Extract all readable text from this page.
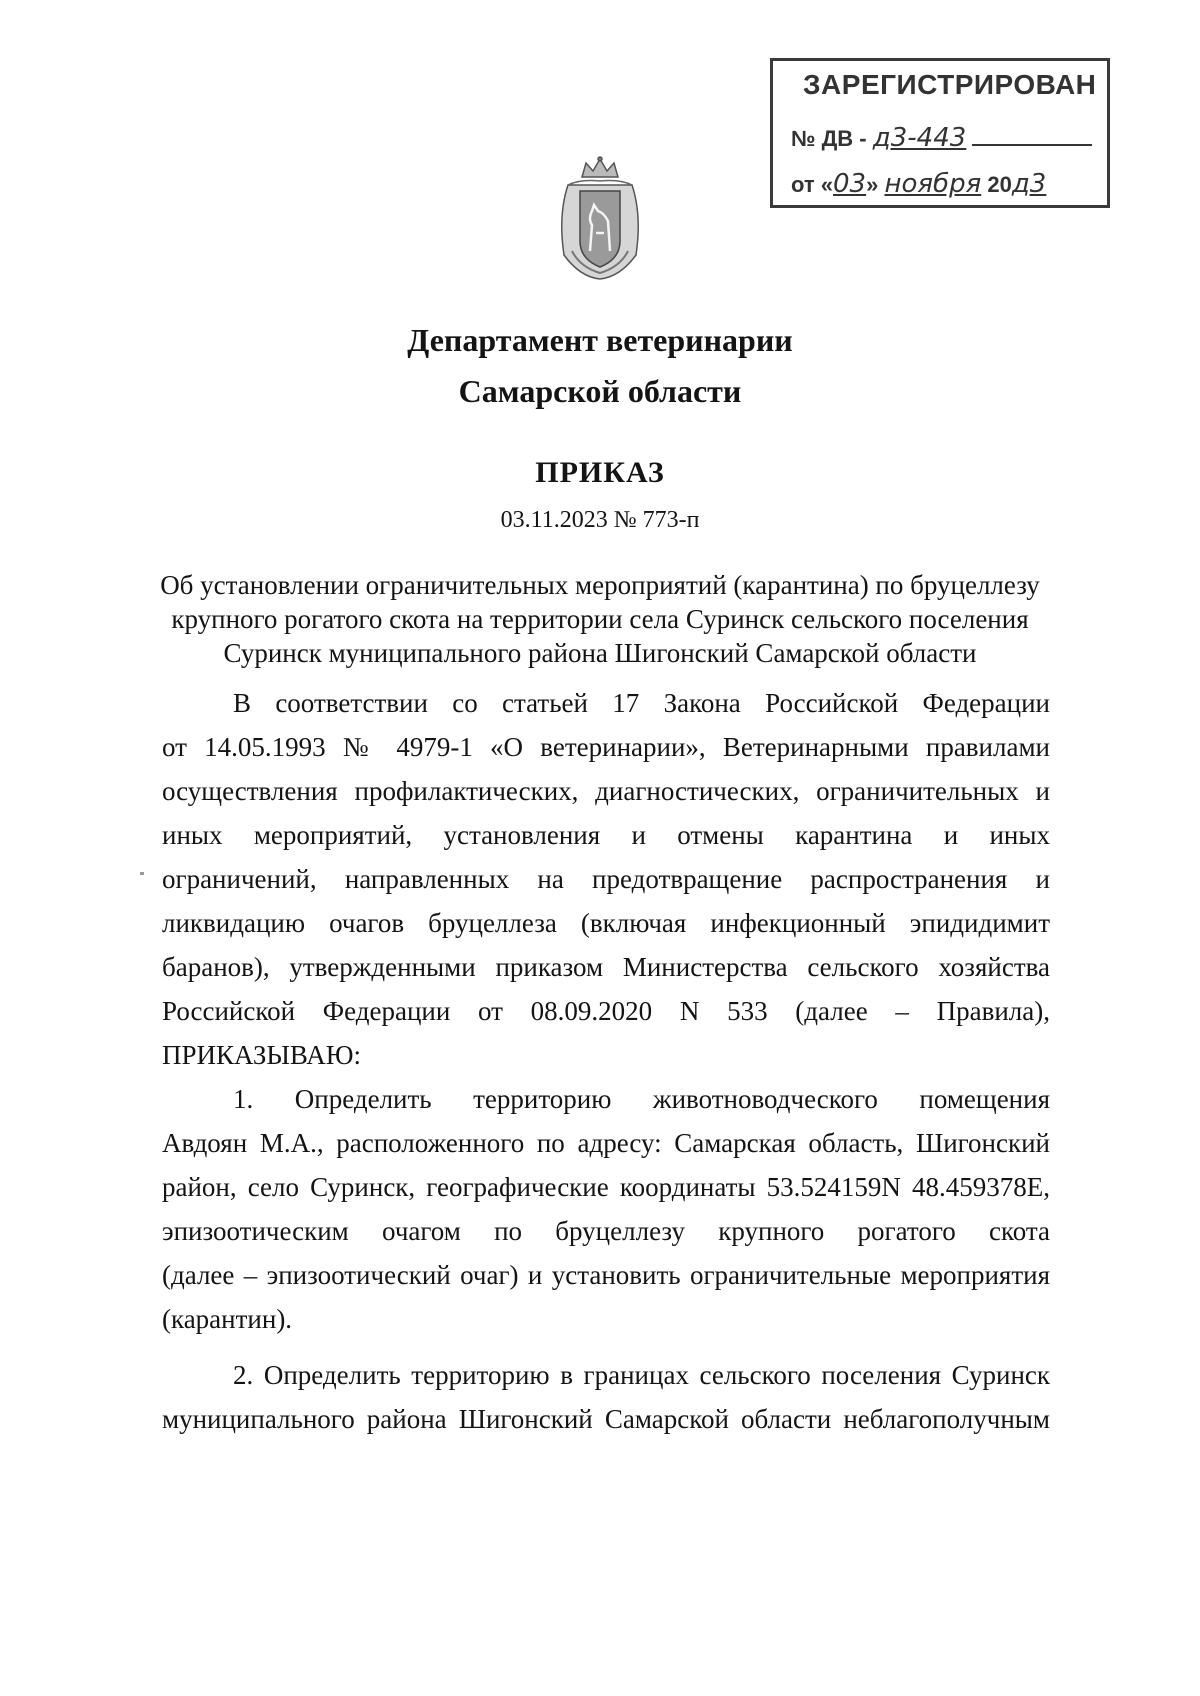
ЗАРЕГИСТРИРОВАН
№ ДВ - д3-443
от «03» ноября 20д3
Департамент ветеринарии
Самарской области
ПРИКАЗ
03.11.2023 № 773-п
Об установлении ограничительных мероприятий (карантина) по бруцеллезу крупного рогатого скота на территории села Суринск сельского поселения Суринск муниципального района Шигонский Самарской области
В соответствии со статьей 17 Закона Российской Федерации
от 14.05.1993 № 4979-1 «О ветеринарии», Ветеринарными правилами
осуществления профилактических, диагностических, ограничительных и
иных мероприятий, установления и отмены карантина и иных
ограничений, направленных на предотвращение распространения и
ликвидацию очагов бруцеллеза (включая инфекционный эпидидимит
баранов), утвержденными приказом Министерства сельского хозяйства
Российской Федерации от 08.09.2020 N 533 (далее – Правила),
ПРИКАЗЫВАЮ:
1. Определить территорию животноводческого помещения
Авдоян М.А., расположенного по адресу: Самарская область, Шигонский
район, село Суринск, географические координаты 53.524159N 48.459378E,
эпизоотическим очагом по бруцеллезу крупного рогатого скота
(далее – эпизоотический очаг) и установить ограничительные мероприятия
(карантин).
2. Определить территорию в границах сельского поселения Суринск
муниципального района Шигонский Самарской области неблагополучным
